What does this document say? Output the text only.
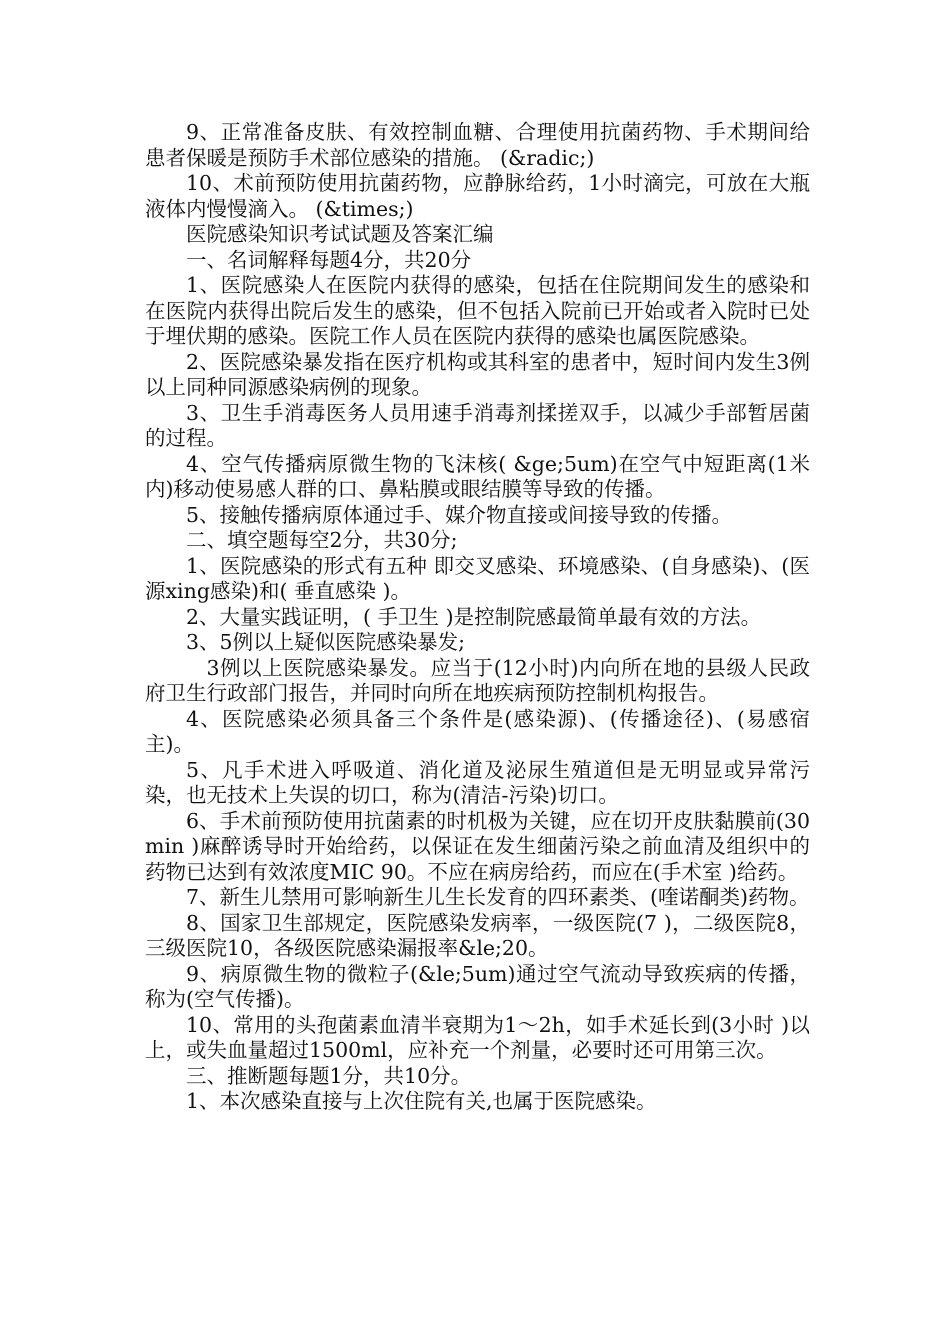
9、正常准备皮肤、有效控制血糖、合理使用抗菌药物、手术期间给患者保暖是预防手术部位感染的措施。 (&radic;)

10、术前预防使用抗菌药物，应静脉给药，1小时滴完，可放在大瓶液体内慢慢滴入。 (&times;)

医院感染知识考试试题及答案汇编

一、名词解释每题4分，共20分

1、医院感染人在医院内获得的感染，包括在住院期间发生的感染和在医院内获得出院后发生的感染，但不包括入院前已开始或者入院时已处于埋伏期的感染。医院工作人员在医院内获得的感染也属医院感染。

2、医院感染暴发指在医疗机构或其科室的患者中，短时间内发生3例以上同种同源感染病例的现象。

3、卫生手消毒医务人员用速手消毒剂揉搓双手，以减少手部暂居菌的过程。

4、空气传播病原微生物的飞沫核( &ge;5um)在空气中短距离(1米内)移动使易感人群的口、鼻粘膜或眼结膜等导致的传播。

5、接触传播病原体通过手、媒介物直接或间接导致的传播。

二、填空题每空2分，共30分;

1、医院感染的形式有五种 即交叉感染、环境感染、(自身感染)、(医源xing感染)和( 垂直感染 )。

2、大量实践证明，( 手卫生 )是控制院感最简单最有效的方法。

3、5例以上疑似医院感染暴发;

3例以上医院感染暴发。应当于(12小时)内向所在地的县级人民政府卫生行政部门报告，并同时向所在地疾病预防控制机构报告。

4、医院感染必须具备三个条件是(感染源)、(传播途径)、(易感宿主)。

5、凡手术进入呼吸道、消化道及泌尿生殖道但是无明显或异常污染，也无技术上失误的切口，称为(清洁-污染)切口。

6、手术前预防使用抗菌素的时机极为关键，应在切开皮肤黏膜前(30min )麻醉诱导时开始给药，以保证在发生细菌污染之前血清及组织中的药物已达到有效浓度MIC 90。不应在病房给药，而应在(手术室 )给药。

7、新生儿禁用可影响新生儿生长发育的四环素类、(喹诺酮类)药物。

8、国家卫生部规定，医院感染发病率，一级医院(7 )，二级医院8，三级医院10，各级医院感染漏报率&le;20。

9、病原微生物的微粒子(&le;5um)通过空气流动导致疾病的传播，称为(空气传播)。

10、常用的头孢菌素血清半衰期为1～2h，如手术延长到(3小时 )以上，或失血量超过1500ml，应补充一个剂量，必要时还可用第三次。

三、推断题每题1分，共10分。

1、本次感染直接与上次住院有关,也属于医院感染。
